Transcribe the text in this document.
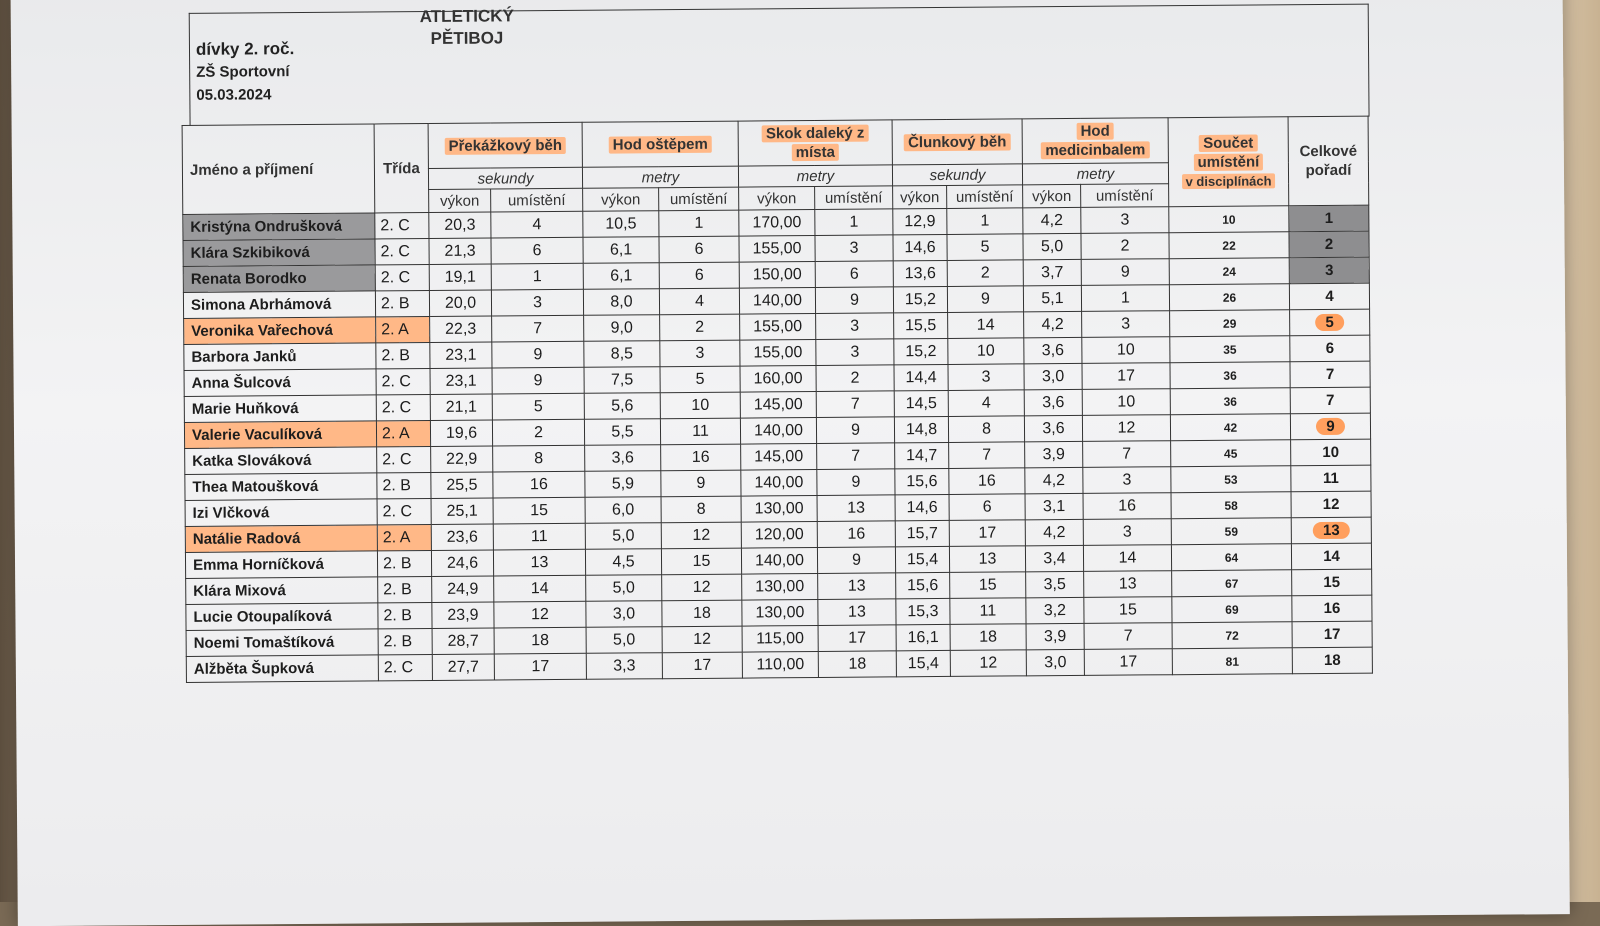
dívky 2. roč.
ZŠ Sportovní
05.03.2024
ATLETICKÝ
PĚTIBOJ
Jméno a příjmení	Třída	Překážkový běh		Hod oštěpem		Skok daleký z
místa		Člunkový běh		Hod
medicinbalem		Součet
umístění
v disciplínách	Celkové
pořadí
		sekundy		metry		metry		sekundy		metry			
		výkon	umístění	výkon	umístění	výkon	umístění	výkon	umístění	výkon	umístění		
Kristýna Ondrušková	2. C	20,3	4	10,5	1	170,00	1	12,9	1	4,2	3	10	1
Klára Szkibiková	2. C	21,3	6	6,1	6	155,00	3	14,6	5	5,0	2	22	2
Renata Borodko	2. C	19,1	1	6,1	6	150,00	6	13,6	2	3,7	9	24	3
Simona Abrhámová	2. B	20,0	3	8,0	4	140,00	9	15,2	9	5,1	1	26	4
Veronika Vařechová	2. A	22,3	7	9,0	2	155,00	3	15,5	14	4,2	3	29	5
Barbora Janků	2. B	23,1	9	8,5	3	155,00	3	15,2	10	3,6	10	35	6
Anna Šulcová	2. C	23,1	9	7,5	5	160,00	2	14,4	3	3,0	17	36	7
Marie Huňková	2. C	21,1	5	5,6	10	145,00	7	14,5	4	3,6	10	36	7
Valerie Vaculíková	2. A	19,6	2	5,5	11	140,00	9	14,8	8	3,6	12	42	9
Katka Slováková	2. C	22,9	8	3,6	16	145,00	7	14,7	7	3,9	7	45	10
Thea Matoušková	2. B	25,5	16	5,9	9	140,00	9	15,6	16	4,2	3	53	11
Izi Vlčková	2. C	25,1	15	6,0	8	130,00	13	14,6	6	3,1	16	58	12
Natálie Radová	2. A	23,6	11	5,0	12	120,00	16	15,7	17	4,2	3	59	13
Emma Horníčková	2. B	24,6	13	4,5	15	140,00	9	15,4	13	3,4	14	64	14
Klára Mixová	2. B	24,9	14	5,0	12	130,00	13	15,6	15	3,5	13	67	15
Lucie Otoupalíková	2. B	23,9	12	3,0	18	130,00	13	15,3	11	3,2	15	69	16
Noemi Tomaštíková	2. B	28,7	18	5,0	12	115,00	17	16,1	18	3,9	7	72	17
Alžběta Šupková	2. C	27,7	17	3,3	17	110,00	18	15,4	12	3,0	17	81	18
